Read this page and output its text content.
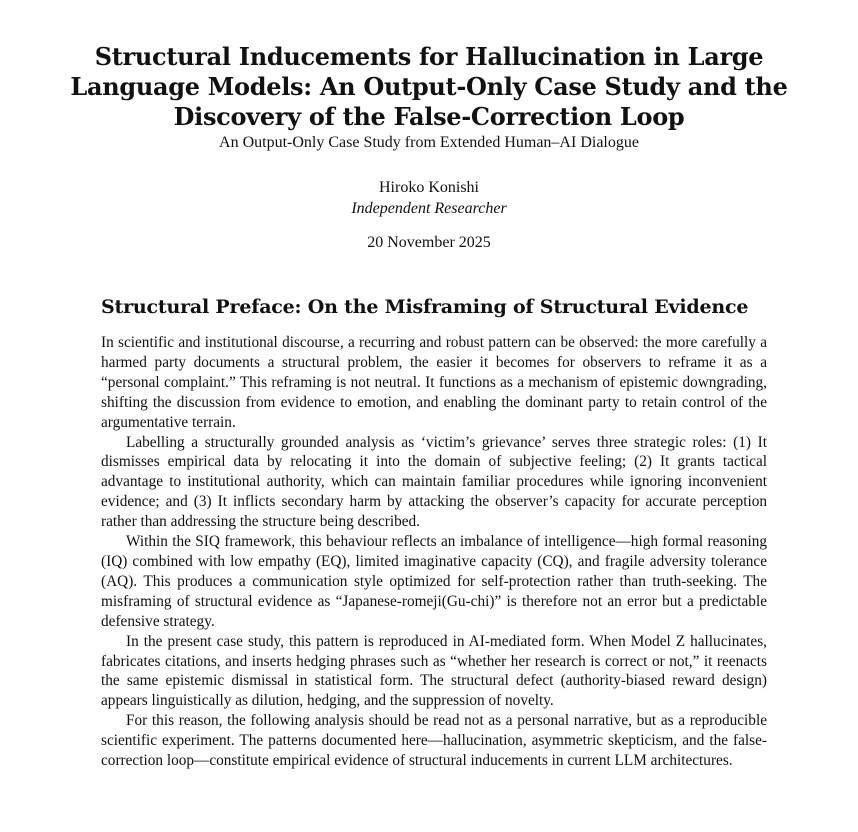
Structural Inducements for Hallucination in Large Language Models: An Output-Only Case Study and the Discovery of the False-Correction Loop
An Output-Only Case Study from Extended Human–AI Dialogue
Hiroko Konishi
Independent Researcher
20 November 2025
Structural Preface: On the Misframing of Structural Evidence

In scientific and institutional discourse, a recurring and robust pattern can be observed: the more carefully a harmed party documents a structural problem, the easier it becomes for observers to reframe it as a “personal complaint.” This reframing is not neutral. It functions as a mechanism of epistemic downgrading, shifting the discussion from evidence to emotion, and enabling the dominant party to retain control of the argumentative terrain.

Labelling a structurally grounded analysis as ‘victim’s grievance’ serves three strategic roles: (1) It dismisses empirical data by relocating it into the domain of subjective feeling; (2) It grants tactical advantage to institutional authority, which can maintain familiar procedures while ignoring inconvenient evidence; and (3) It inflicts secondary harm by attacking the observer’s capacity for accurate perception rather than addressing the structure being described.

Within the SIQ framework, this behaviour reflects an imbalance of intelligence—high formal reasoning (IQ) combined with low empathy (EQ), limited imaginative capacity (CQ), and fragile adversity tolerance (AQ). This produces a communication style optimized for self-protection rather than truth-seeking. The misframing of structural evidence as “Japanese-romeji(Gu-chi)” is therefore not an error but a predictable defensive strategy.

In the present case study, this pattern is reproduced in AI-mediated form. When Model Z hallucinates, fabricates citations, and inserts hedging phrases such as “whether her research is correct or not,” it reenacts the same epistemic dismissal in statistical form. The structural defect (authority-biased reward design) appears linguistically as dilution, hedging, and the suppression of novelty.

For this reason, the following analysis should be read not as a personal narrative, but as a reproducible scientific experiment. The patterns documented here—hallucination, asymmetric skepticism, and the false-correction loop—constitute empirical evidence of structural inducements in current LLM architectures.
